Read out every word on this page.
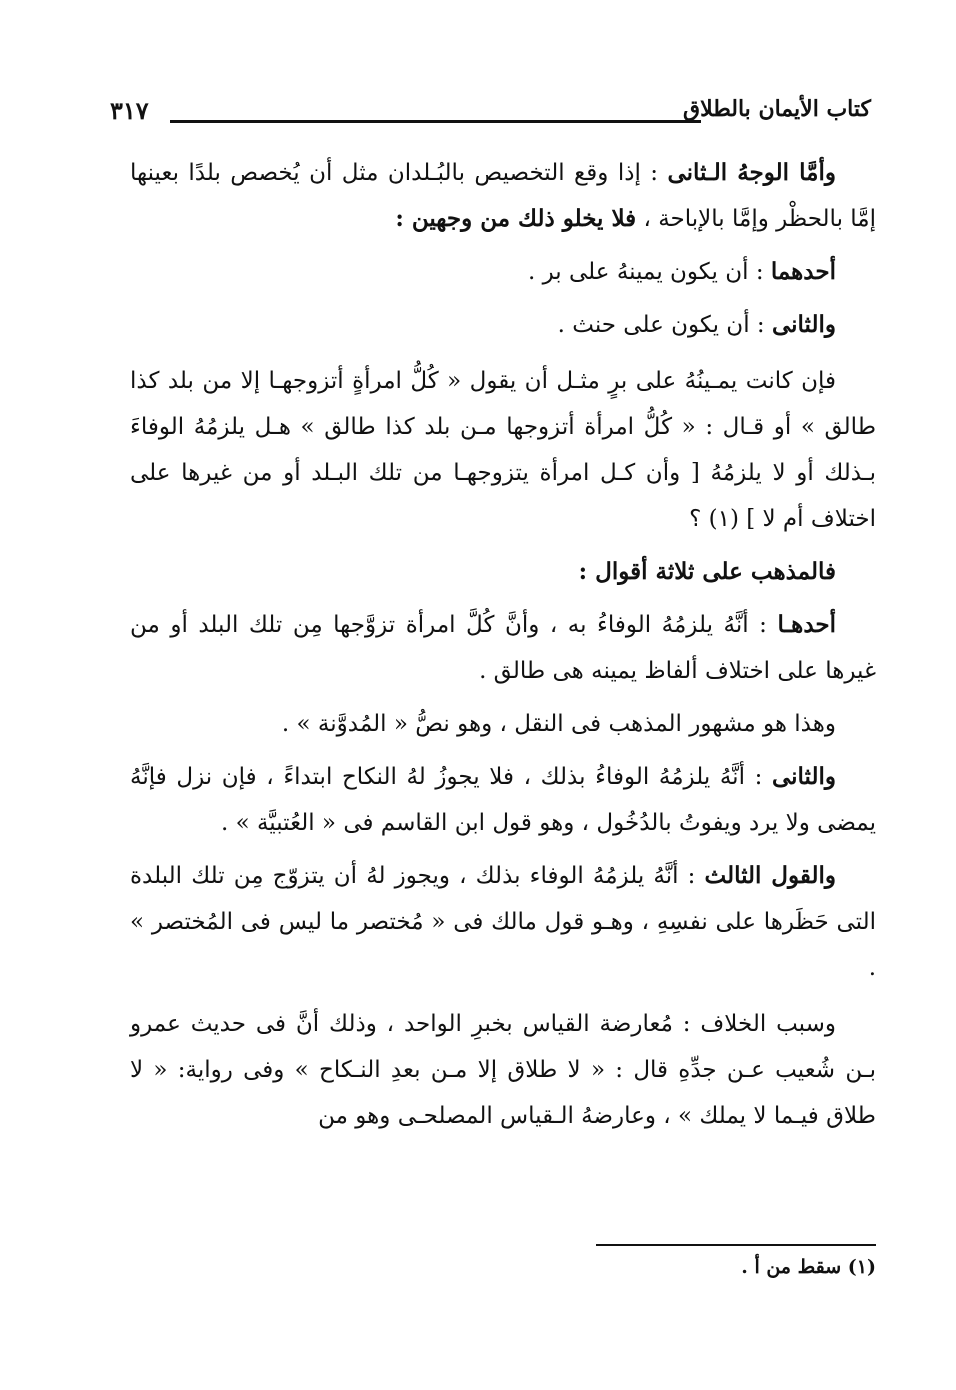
كتاب الأيمان بالطلاق
٣١٧

وأمَّا الوجهُ الـثانى : إذا وقع التخصيص بالبُـلدان مثل أن يُخصص بلدًا بعينها إمَّا بالحظْر وإمَّا بالإباحة ، فلا يخلو ذلك من وجهين :

أحدهما : أن يكون يمينهُ على بر .

والثانى : أن يكون على حنث .

فإن كانت يمـينُهُ على برٍ مثـل أن يقول « كُلُّ امرأةٍ أتزوجهـا إلا من بلد كذا طالق » أو قـال : « كُلُّ امرأة أتزوجها مـن بلد كذا طالق » هـل يلزمُهُ الوفاءَ بـذلك أو لا يلزمُهُ [ وأن كـل امرأة يتزوجهـا من تلك البـلد أو من غيرها على اختلاف أم لا ] (١) ؟

فالمذهب على ثلاثة أقوال :

أحدهـا : أنَّهُ يلزمُهُ الوفاءُ به ، وأنَّ كُلَّ امرأة تزوَّجها مِن تلك البلد أو من غيرها على اختلاف ألفاظ يمينه هى طالق .

وهذا هو مشهور المذهب فى النقل ، وهو نصُّ « المُدوَّنة » .

والثانى : أنَّهُ يلزمُهُ الوفاءُ بذلك ، فلا يجوزُ لهُ النكاح ابتداءً ، فإن نزل فإنَّهُ يمضى ولا يرد ويفوتُ بالدُخُول ، وهو قول ابن القاسم فى « العُتبيَّة » .

والقول الثالث : أنَّهُ يلزمُهُ الوفاء بذلك ، ويجوز لهُ أن يتزوّج مِن تلك البلدة التى حَظَرها على نفسِهِ ، وهـو قول مالك فى « مُختصر ما ليس فى المُختصر » .

وسبب الخلاف : مُعارضة القياس بخبرِ الواحد ، وذلك أنَّ فى حديث عمرو بـن شُعيب عـن جدِّهِ قال : « لا طلاق إلا مـن بعدِ النـكاح » وفى رواية: « لا طلاق فيـما لا يملك » ، وعارضهُ الـقياس المصلحـى وهو من

(١) سقط من أ .
